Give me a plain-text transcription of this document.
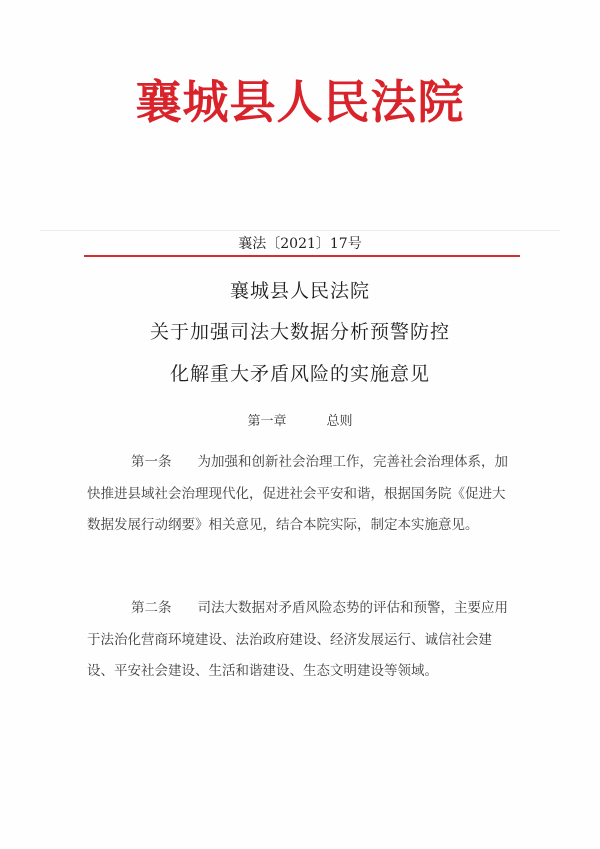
襄城县人民法院
襄法〔2021〕17号
襄城县人民法院
关于加强司法大数据分析预警防控
化解重大矛盾风险的实施意见
第一章	总则
第一条 为加强和创新社会治理工作，完善社会治理体系，加快推进县域社会治理现代化，促进社会平安和谐，根据国务院《促进大数据发展行动纲要》相关意见，结合本院实际，制定本实施意见。
第二条 司法大数据对矛盾风险态势的评估和预警，主要应用于法治化营商环境建设、法治政府建设、经济发展运行、诚信社会建设、平安社会建设、生活和谐建设、生态文明建设等领域。
